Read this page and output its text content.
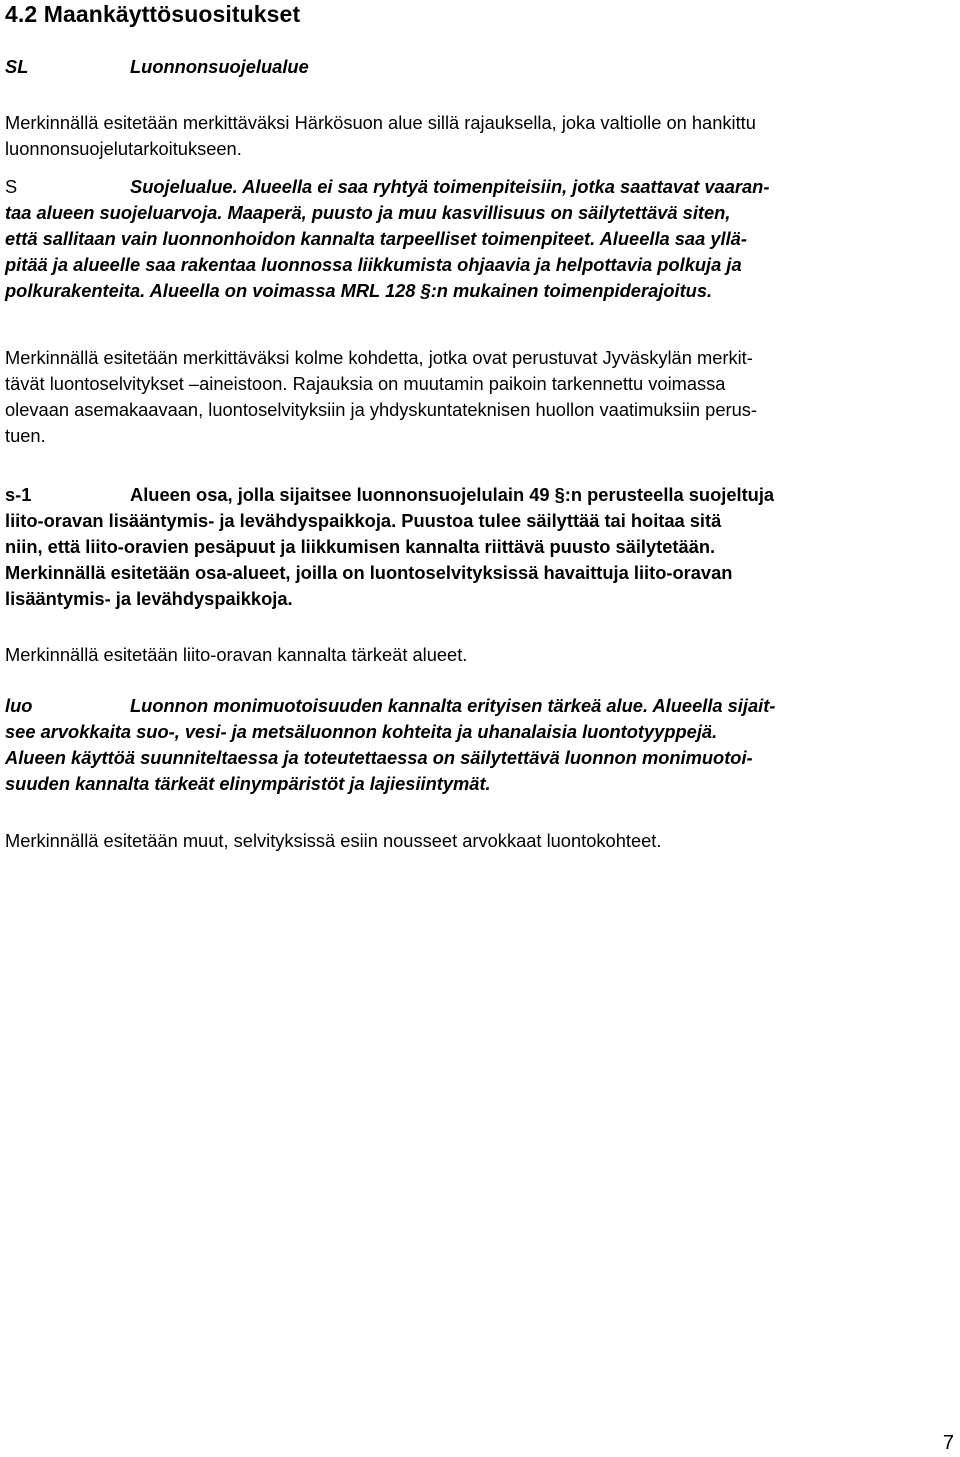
4.2 Maankäyttösuositukset
SL	Luonnonsuojelualue
Merkinnällä esitetään merkittäväksi Härkösuon alue sillä rajauksella, joka valtiolle on hankittu
luonnonsuojelutarkoitukseen.
S	Suojelualue. Alueella ei saa ryhtyä toimenpiteisiin, jotka saattavat vaaran-
taa alueen suojeluarvoja. Maaperä, puusto ja muu kasvillisuus on säilytettävä siten,
että sallitaan vain luonnonhoidon kannalta tarpeelliset toimenpiteet. Alueella saa yllä-
pitää ja alueelle saa rakentaa luonnossa liikkumista ohjaavia ja helpottavia polkuja ja
polkurakenteita. Alueella on voimassa MRL 128 §:n mukainen toimenpiderajoitus.
Merkinnällä esitetään merkittäväksi kolme kohdetta, jotka ovat perustuvat Jyväskylän merkit-
tävät luontoselvitykset –aineistoon. Rajauksia on muutamin paikoin tarkennettu voimassa
olevaan asemakaavaan, luontoselvityksiin ja yhdyskuntateknisen huollon vaatimuksiin perus-
tuen.
s-1	Alueen osa, jolla sijaitsee luonnonsuojelulain 49 §:n perusteella suojeltuja
liito-oravan lisääntymis- ja levähdyspaikkoja. Puustoa tulee säilyttää tai hoitaa sitä
niin, että liito-oravien pesäpuut ja liikkumisen kannalta riittävä puusto säilytetään.
Merkinnällä esitetään osa-alueet, joilla on luontoselvityksissä havaittuja liito-oravan
lisääntymis- ja levähdyspaikkoja.
Merkinnällä esitetään liito-oravan kannalta tärkeät alueet.
luo	Luonnon monimuotoisuuden kannalta erityisen tärkeä alue. Alueella sijait-
see arvokkaita suo-, vesi- ja metsäluonnon kohteita ja uhanalaisia luontotyyppejä.
Alueen käyttöä suunniteltaessa ja toteutettaessa on säilytettävä luonnon monimuotoi-
suuden kannalta tärkeät elinympäristöt ja lajiesiintymät.
Merkinnällä esitetään muut, selvityksissä esiin nousseet arvokkaat luontokohteet.
7
